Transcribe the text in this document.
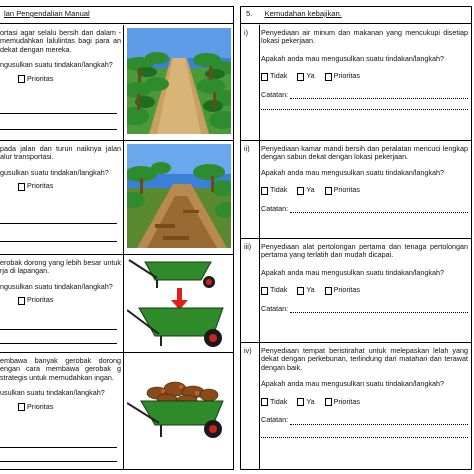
lan Pengendalian Manual
ortasi agar selalu bersih dan dalam -memudahkan lalulintas bagi para an dekat dengan mereka.
ngusulkan suatu tindakan/langkah?
Prioritas
pada jalan dan turun naiknya jalan alur transportasi.
gusulkan suatu tindakan/langkah?
Prioritas
erobak dorong yang lebih besar untuk rja di lapangan.
ngusulkan suatu tindakan/langkah?
Prioritas
embawa banyak gerobak dorong engan cara membawa gerobak g strategis untuk memudahkan ingan.
usulkan suatu tindakan/langkah?
Prioritas
5. Kemudahan kebajikan.
i)	Penyediaan air minum dan makanan yang mencukupi disetiap lokasi pekerjaan.
Apakah anda mau mengusulkan suatu tindakan/langkah?
Tidak	Ya	Prioritas
Catatan:
ii)	Penyediaan kamar mandi bersih dan peralatan mencuci lengkap dengan sabun dekat dengan lokasi pekerjaan.
Apakah anda mau mengusulkan suatu tindakan/langkah?
Tidak	Ya	Prioritas
Catatan:
iii)	Penyediaan alat pertolongan pertama dan tenaga pertolongan pertama yang terlatih dan mudah dicapai.
Apakah anda mau mengusulkan suatu tindakan/langkah?
Tidak	Ya	Prioritas
Catatan:
iv)	Penyediaan tempat beristirahat untuk melepaskan lelah yang dekat dengan perkebunan, terlindung dari matahari dan terawat dengan baik.
Apakah anda mau mengusulkan suatu tindakan/langkah?
Tidak	Ya	Prioritas
Catatan:
